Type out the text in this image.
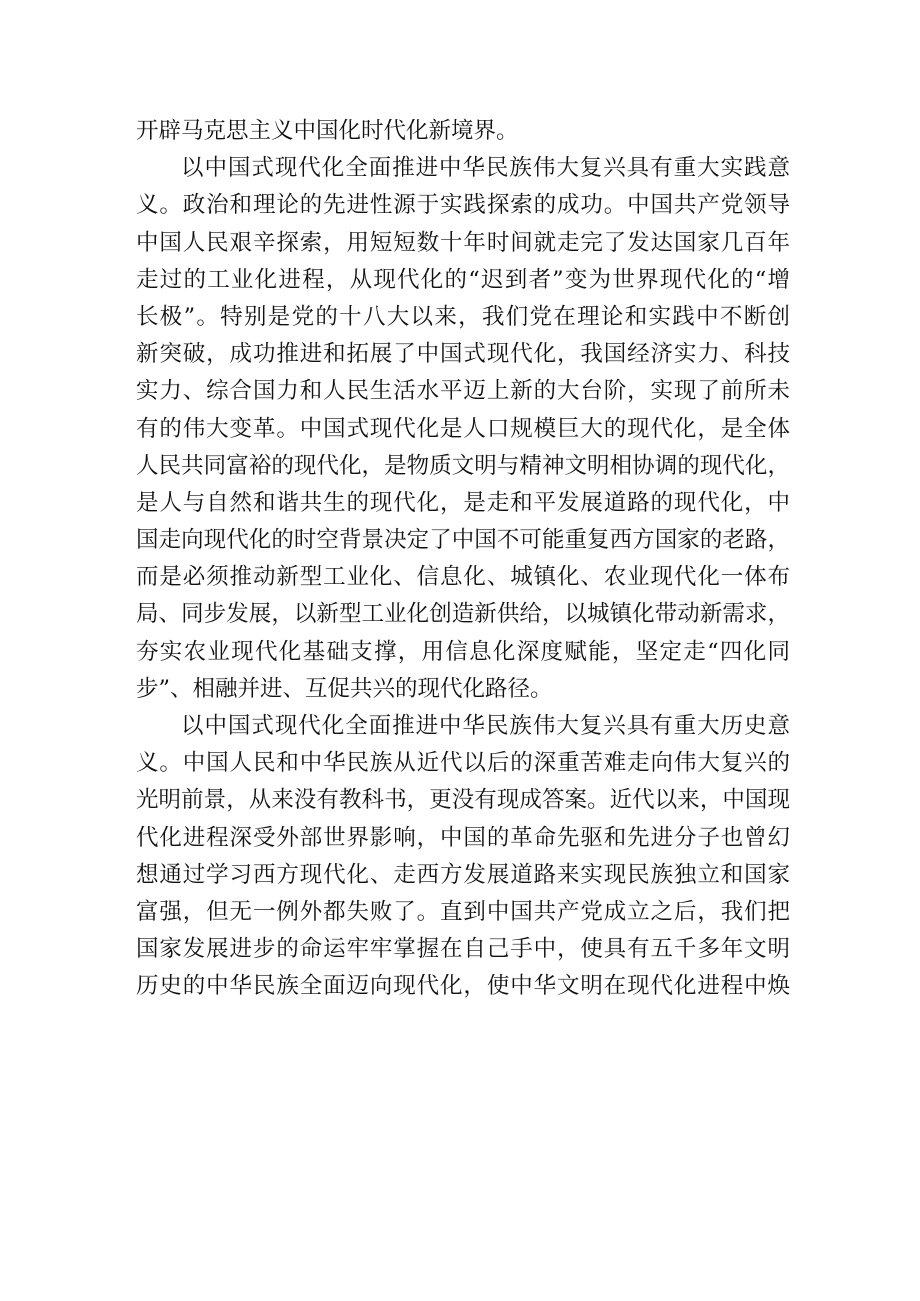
开辟马克思主义中国化时代化新境界。
以中国式现代化全面推进中华民族伟大复兴具有重大实践意
义。政治和理论的先进性源于实践探索的成功。中国共产党领导
中国人民艰辛探索，用短短数十年时间就走完了发达国家几百年
走过的工业化进程，从现代化的“迟到者”变为世界现代化的“增
长极”。特别是党的十八大以来，我们党在理论和实践中不断创
新突破，成功推进和拓展了中国式现代化，我国经济实力、科技
实力、综合国力和人民生活水平迈上新的大台阶，实现了前所未
有的伟大变革。中国式现代化是人口规模巨大的现代化，是全体
人民共同富裕的现代化，是物质文明与精神文明相协调的现代化，
是人与自然和谐共生的现代化，是走和平发展道路的现代化，中
国走向现代化的时空背景决定了中国不可能重复西方国家的老路，
而是必须推动新型工业化、信息化、城镇化、农业现代化一体布
局、同步发展，以新型工业化创造新供给，以城镇化带动新需求，
夯实农业现代化基础支撑，用信息化深度赋能，坚定走“四化同
步”、相融并进、互促共兴的现代化路径。
以中国式现代化全面推进中华民族伟大复兴具有重大历史意
义。中国人民和中华民族从近代以后的深重苦难走向伟大复兴的
光明前景，从来没有教科书，更没有现成答案。近代以来，中国现
代化进程深受外部世界影响，中国的革命先驱和先进分子也曾幻
想通过学习西方现代化、走西方发展道路来实现民族独立和国家
富强，但无一例外都失败了。直到中国共产党成立之后，我们把
国家发展进步的命运牢牢掌握在自己手中，使具有五千多年文明
历史的中华民族全面迈向现代化，使中华文明在现代化进程中焕
